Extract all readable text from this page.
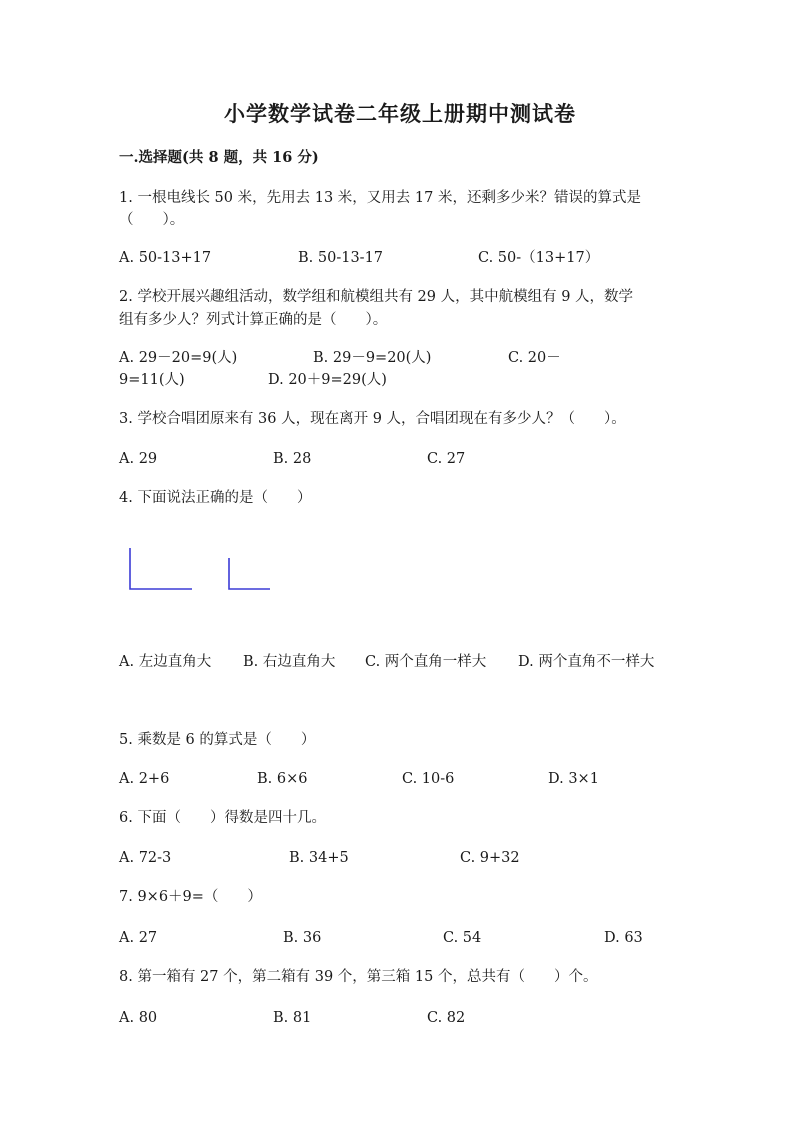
小学数学试卷二年级上册期中测试卷
一.选择题(共 8 题，共 16 分)
1. 一根电线长 50 米，先用去 13 米，又用去 17 米，还剩多少米？错误的算式是
（　　）。
A. 50-13+17	B. 50-13-17	C. 50-（13+17）
2. 学校开展兴趣组活动，数学组和航模组共有 29 人，其中航模组有 9 人，数学
组有多少人？列式计算正确的是（　　）。
A. 29－20=9(人)	B. 29－9=20(人)	C. 20－
9=11(人)	D. 20＋9=29(人)
3. 学校合唱团原来有 36 人，现在离开 9 人，合唱团现在有多少人？（　　）。
A. 29	B. 28	C. 27
4. 下面说法正确的是（　　）
A. 左边直角大 B. 右边直角大 C. 两个直角一样大 D. 两个直角不一样大
5. 乘数是 6 的算式是（　　）
A. 2+6	B. 6×6	C. 10-6	D. 3×1
6. 下面（　　）得数是四十几。
A. 72-3	B. 34+5	C. 9+32
7. 9×6＋9=（　　）
A. 27	B. 36	C. 54	D. 63
8. 第一箱有 27 个，第二箱有 39 个，第三箱 15 个，总共有（　　）个。
A. 80	B. 81	C. 82
